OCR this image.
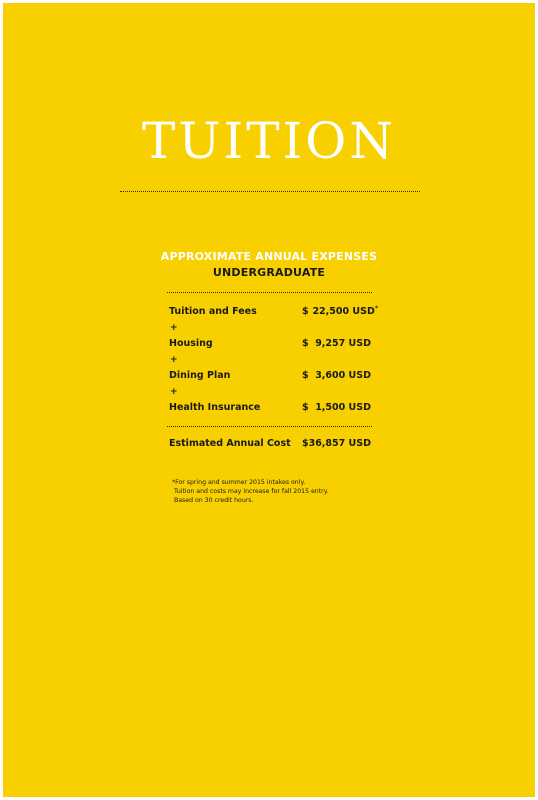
TUITION
APPROXIMATE ANNUAL EXPENSES
UNDERGRADUATE
Tuition and Fees	$ 22,500 USD*
+
Housing	$ 9,257 USD
+
Dining Plan	$ 3,600 USD
+
Health Insurance	$ 1,500 USD
Estimated Annual Cost $ 36,857 USD
*For spring and summer 2015 intakes only.
Tuition and costs may increase for fall 2015 entry.
Based on 30 credit hours.
